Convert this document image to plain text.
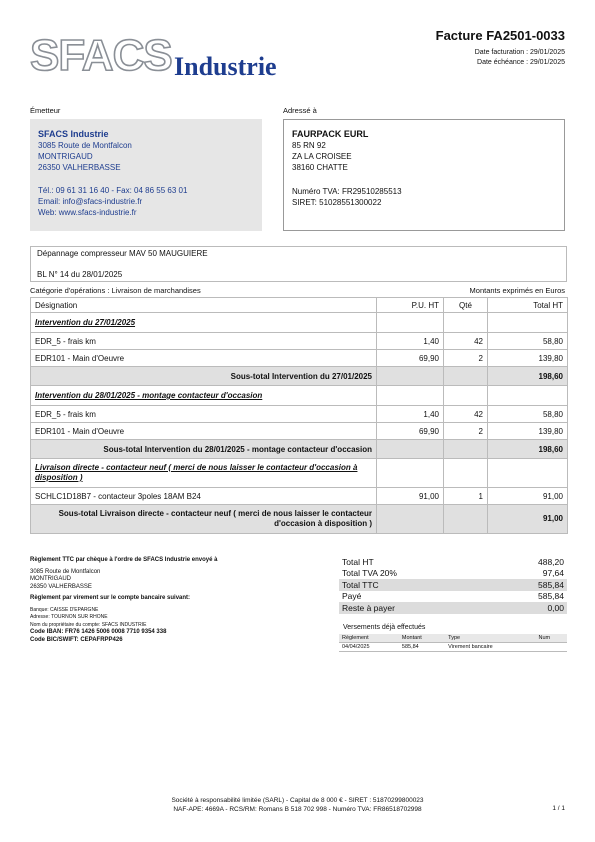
SFACS Industrie
Facture FA2501-0033
Date facturation : 29/01/2025
Date échéance : 29/01/2025
Émetteur	Adressé à
SFACS Industrie
3085 Route de Montfalcon
MONTRIGAUD
26350 VALHERBASSE
Tél.: 09 61 31 16 40 - Fax: 04 86 55 63 01
Email: info@sfacs-industrie.fr
Web: www.sfacs-industrie.fr
FAURPACK EURL
85 RN 92
ZA LA CROISEE
38160 CHATTE
Numéro TVA: FR29510285513
SIRET: 51028551300022
Dépannage compresseur MAV 50 MAUGUIERE
BL N° 14 du 28/01/2025
Catégorie d'opérations : Livraison de marchandises	Montants exprimés en Euros
Désignation	P.U. HT	Qté	Total HT
Intervention du 27/01/2025			
EDR_5 - frais km	1,40	42	58,80
EDR101 - Main d'Oeuvre	69,90	2	139,80
Sous-total Intervention du 27/01/2025			198,60
Intervention du 28/01/2025 - montage contacteur d'occasion			
EDR_5 - frais km	1,40	42	58,80
EDR101 - Main d'Oeuvre	69,90	2	139,80
Sous-total Intervention du 28/01/2025 - montage contacteur d'occasion			198,60
Livraison directe - contacteur neuf ( merci de nous laisser le contacteur d'occasion à disposition )			
SCHLC1D18B7 - contacteur 3poles 18AM B24	91,00	1	91,00
Sous-total Livraison directe - contacteur neuf ( merci de nous laisser le contacteur d'occasion à disposition )			91,00
Règlement TTC par chèque à l'ordre de SFACS Industrie envoyé à
3085 Route de Montfalcon
MONTRIGAUD
26350 VALHERBASSE
Règlement par virement sur le compte bancaire suivant:
Banque: CAISSE D'EPARGNE
Adresse: TOURNON SUR RHONE
Nom du propriétaire du compte: SFACS INDUSTRIE
Code IBAN: FR76 1426 5006 0008 7710 9354 338
Code BIC/SWIFT: CEPAFRPP426
Total HT	488,20
Total TVA 20%	97,64
Total TTC	585,84
Payé	585,84
Reste à payer	0,00
Versements déjà effectués
Règlement	Montant	Type	Num
04/04/2025	585,84	Virement bancaire	
Société à responsabilité limitée (SARL) - Capital de 8 000 € - SIRET : 51870299800023
NAF-APE: 4669A - RCS/RM: Romans B 518 702 998 - Numéro TVA: FR86518702998	1 / 1
